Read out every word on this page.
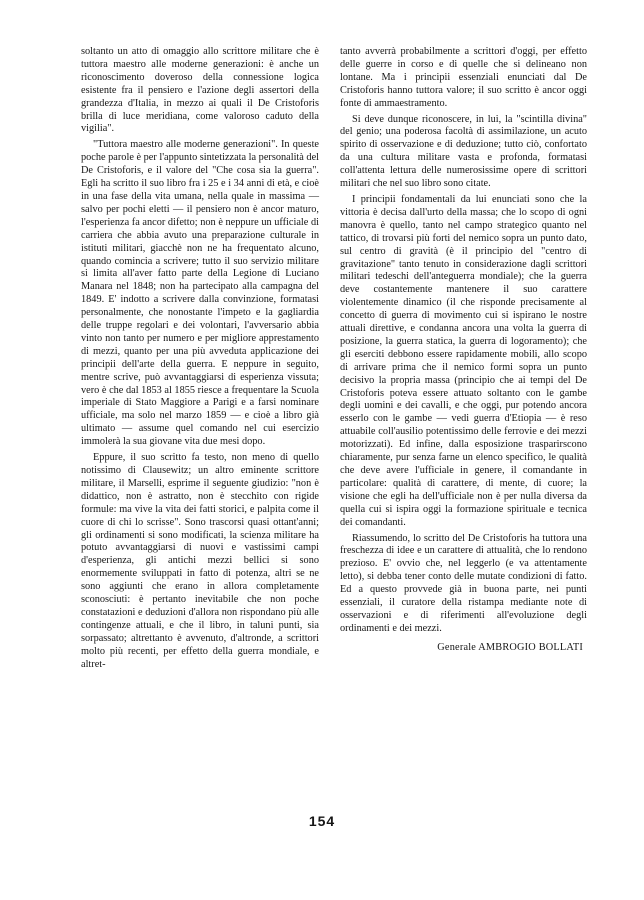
soltanto un atto di omaggio allo scrittore militare che è tuttora maestro alle moderne generazioni: è anche un riconoscimento doveroso della connessione logica esistente fra il pensiero e l'azione degli assertori della grandezza d'Italia, in mezzo ai quali il De Cristoforis brilla di luce meridiana, come valoroso caduto della vigilia".

"Tuttora maestro alle moderne generazioni". In queste poche parole è per l'appunto sintetizzata la personalità del De Cristoforis, e il valore del "Che cosa sia la guerra". Egli ha scritto il suo libro fra i 25 e i 34 anni di età, e cioè in una fase della vita umana, nella quale in massima — salvo per pochi eletti — il pensiero non è ancor maturo, l'esperienza fa ancor difetto; non è neppure un ufficiale di carriera che abbia avuto una preparazione culturale in istituti militari, giacchè non ne ha frequentato alcuno, quando comincia a scrivere; tutto il suo servizio militare si limita all'aver fatto parte della Legione di Luciano Manara nel 1848; non ha partecipato alla campagna del 1849. E' indotto a scrivere dalla convinzione, formatasi personalmente, che nonostante l'impeto e la gagliardia delle truppe regolari e dei volontari, l'avversario abbia vinto non tanto per numero e per migliore apprestamento di mezzi, quanto per una più avveduta applicazione dei principii dell'arte della guerra. E neppure in seguito, mentre scrive, può avvantaggiarsi di esperienza vissuta; vero è che dal 1853 al 1855 riesce a frequentare la Scuola imperiale di Stato Maggiore a Parigi e a farsi nominare ufficiale, ma solo nel marzo 1859 — e cioè a libro già ultimato — assume quel comando nel cui esercizio immolerà la sua giovane vita due mesi dopo.

Eppure, il suo scritto fa testo, non meno di quello notissimo di Clausewitz; un altro eminente scrittore militare, il Marselli, esprime il seguente giudizio: "non è didattico, non è astratto, non è stecchito con rigide formule: ma vive la vita dei fatti storici, e palpita come il cuore di chi lo scrisse". Sono trascorsi quasi ottant'anni; gli ordinamenti si sono modificati, la scienza militare ha potuto avvantaggiarsi di nuovi e vastissimi campi d'esperienza, gli antichi mezzi bellici si sono enormemente sviluppati in fatto di potenza, altri se ne sono aggiunti che erano in allora completamente sconosciuti: è pertanto inevitabile che non poche constatazioni e deduzioni d'allora non rispondano più alle contingenze attuali, e che il libro, in taluni punti, sia sorpassato; altrettanto è avvenuto, d'altronde, a scrittori molto più recenti, per effetto della guerra mondiale, e altret-

tanto avverrà probabilmente a scrittori d'oggi, per effetto delle guerre in corso e di quelle che si delineano non lontane. Ma i principii essenziali enunciati dal De Cristoforis hanno tuttora valore; il suo scritto è ancor oggi fonte di ammaestramento.

Si deve dunque riconoscere, in lui, la "scintilla divina" del genio; una poderosa facoltà di assimilazione, un acuto spirito di osservazione e di deduzione; tutto ciò, confortato da una cultura militare vasta e profonda, formatasi coll'attenta lettura delle numerosissime opere di scrittori militari che nel suo libro sono citate.

I principii fondamentali da lui enunciati sono che la vittoria è decisa dall'urto della massa; che lo scopo di ogni manovra è quello, tanto nel campo strategico quanto nel tattico, di trovarsi più forti del nemico sopra un punto dato, sul centro di gravità (è il principio del "centro di gravitazione" tanto tenuto in considerazione dagli scrittori militari tedeschi dell'anteguerra mondiale); che la guerra deve costantemente mantenere il suo carattere violentemente dinamico (il che risponde precisamente al concetto di guerra di movimento cui si ispirano le nostre attuali direttive, e condanna ancora una volta la guerra di posizione, la guerra statica, la guerra di logoramento); che gli eserciti debbono essere rapidamente mobili, allo scopo di arrivare prima che il nemico formi sopra un punto decisivo la propria massa (principio che ai tempi del De Cristoforis poteva essere attuato soltanto con le gambe degli uomini e dei cavalli, e che oggi, pur potendo ancora esserlo con le gambe — vedi guerra d'Etiopia — è reso attuabile coll'ausilio potentissimo delle ferrovie e dei mezzi motorizzati). Ed infine, dalla esposizione trasparirscono chiaramente, pur senza farne un elenco specifico, le qualità che deve avere l'ufficiale in genere, il comandante in particolare: qualità di carattere, di mente, di cuore; la visione che egli ha dell'ufficiale non è per nulla diversa da quella cui si ispira oggi la formazione spirituale e tecnica dei comandanti.

Riassumendo, lo scritto del De Cristoforis ha tuttora una freschezza di idee e un carattere di attualità, che lo rendono prezioso. E' ovvio che, nel leggerlo (e va attentamente letto), si debba tener conto delle mutate condizioni di fatto. Ed a questo provvede già in buona parte, nei punti essenziali, il curatore della ristampa mediante note di osservazioni e di riferimenti all'evoluzione degli ordinamenti e dei mezzi.

Generale AMBROGIO BOLLATI
154
